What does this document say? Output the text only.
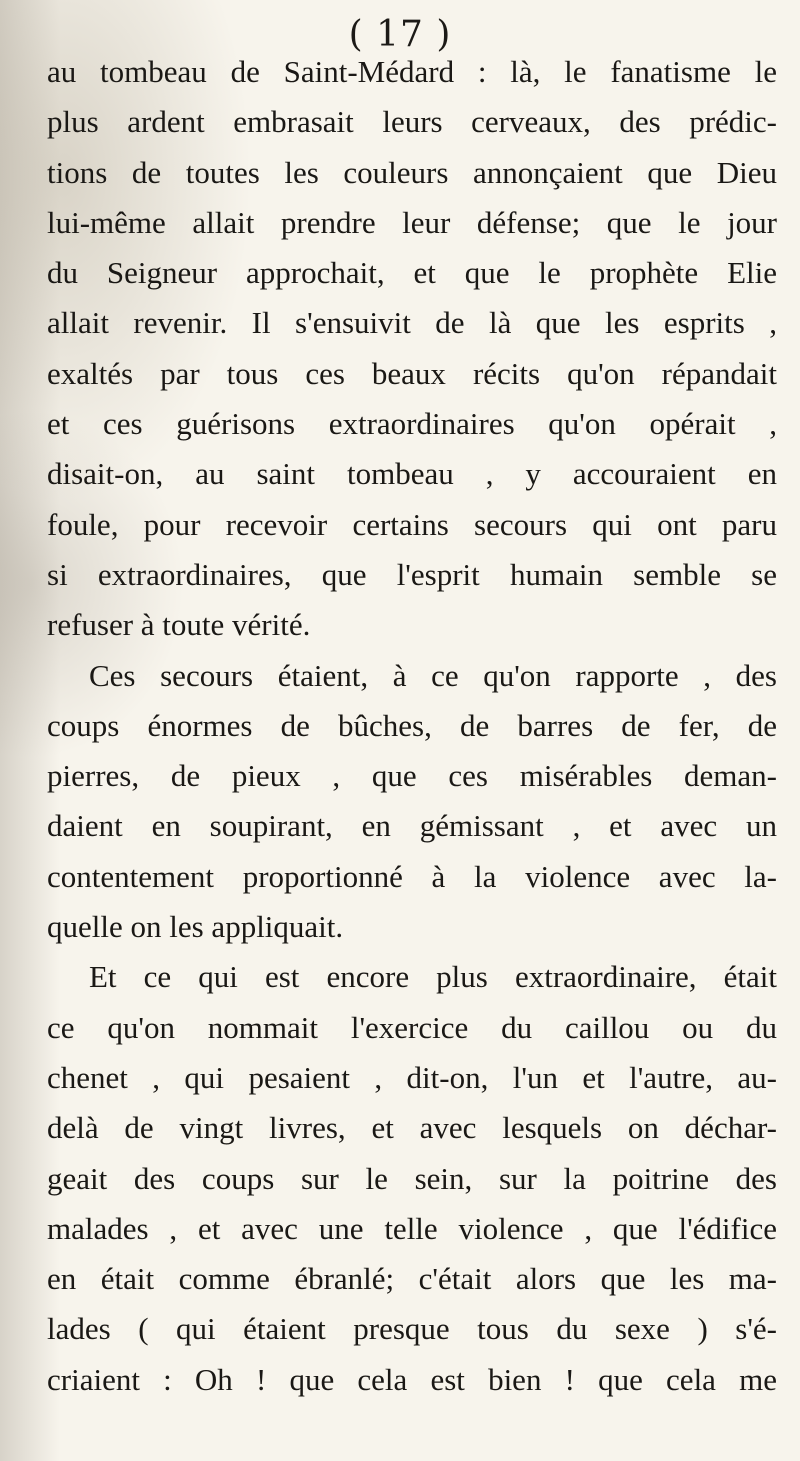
( 17 )
au tombeau de Saint-Médard : là, le fanatisme le
plus ardent embrasait leurs cerveaux, des prédic-
tions de toutes les couleurs annonçaient que Dieu
lui-même allait prendre leur défense; que le jour
du Seigneur approchait, et que le prophète Elie
allait revenir. Il s'ensuivit de là que les esprits ,
exaltés par tous ces beaux récits qu'on répandait
et ces guérisons extraordinaires qu'on opérait ,
disait-on, au saint tombeau , y accouraient en
foule, pour recevoir certains secours qui ont paru
si extraordinaires, que l'esprit humain semble se
refuser à toute vérité.
Ces secours étaient, à ce qu'on rapporte , des
coups énormes de bûches, de barres de fer, de
pierres, de pieux , que ces misérables deman-
daient en soupirant, en gémissant , et avec un
contentement proportionné à la violence avec la-
quelle on les appliquait.
Et ce qui est encore plus extraordinaire, était
ce qu'on nommait l'exercice du caillou ou du
chenet , qui pesaient , dit-on, l'un et l'autre, au-
delà de vingt livres, et avec lesquels on déchar-
geait des coups sur le sein, sur la poitrine des
malades , et avec une telle violence , que l'édifice
en était comme ébranlé; c'était alors que les ma-
lades ( qui étaient presque tous du sexe ) s'é-
criaient : Oh ! que cela est bien ! que cela me
